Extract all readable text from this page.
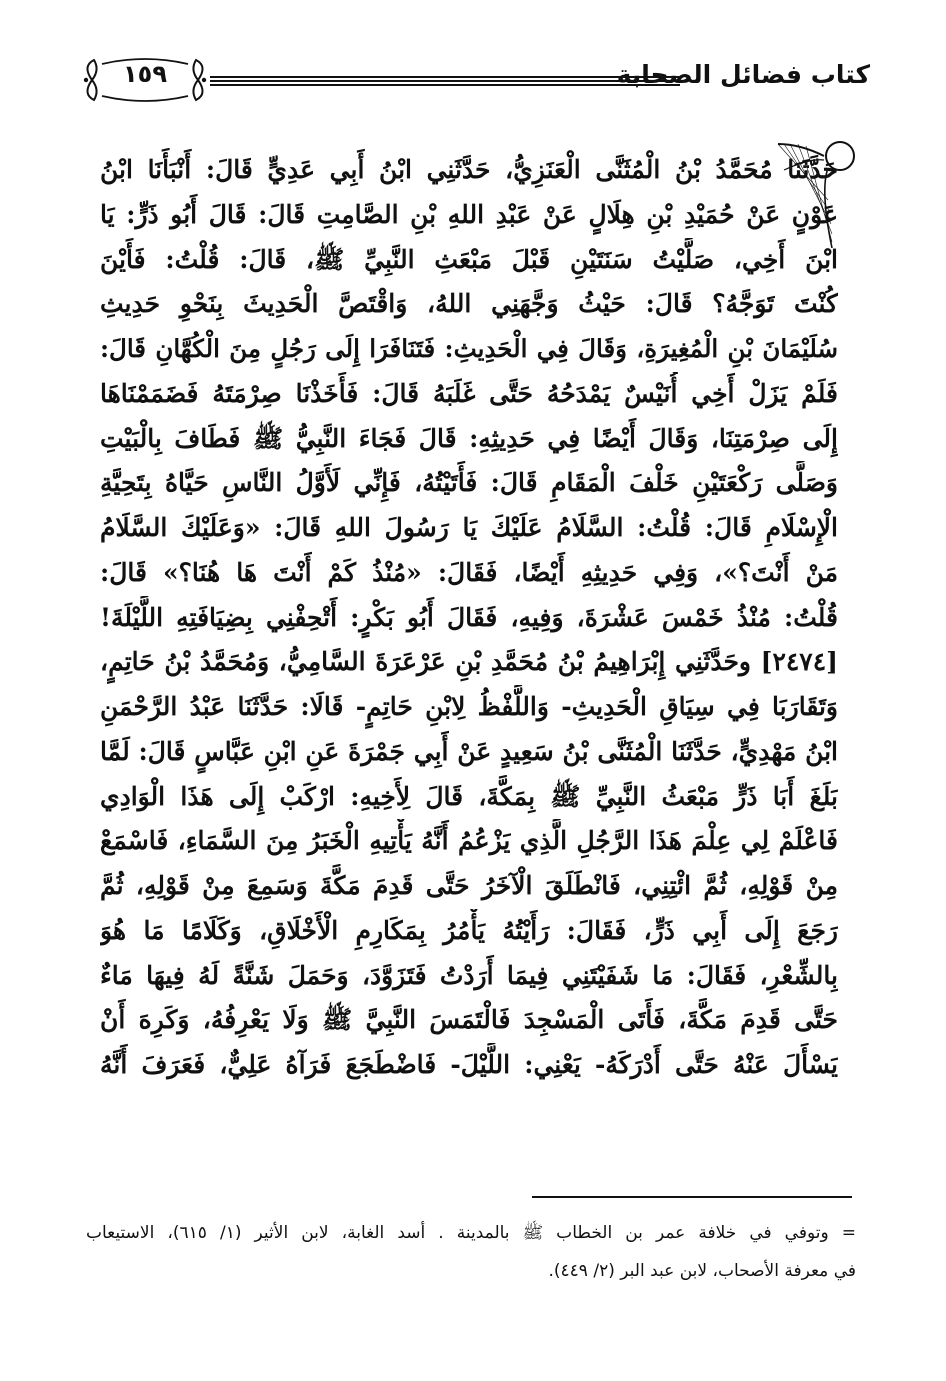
١٥٩	كتاب فضائل الصحابة
حَدَّثَنَا مُحَمَّدُ بْنُ الْمُثَنَّى الْعَنَزِيُّ، حَدَّثَنِي ابْنُ أَبِي عَدِيٍّ قَالَ: أَنْبَأَنَا ابْنُ
عَوْنٍ عَنْ حُمَيْدِ بْنِ هِلَالٍ عَنْ عَبْدِ اللهِ بْنِ الصَّامِتِ قَالَ: قَالَ أَبُو ذَرٍّ: يَا
ابْنَ أَخِي، صَلَّيْتُ سَنَتَيْنِ قَبْلَ مَبْعَثِ النَّبِيِّ ﷺ، قَالَ: قُلْتُ: فَأَيْنَ
كُنْتَ تَوَجَّهُ؟ قَالَ: حَيْثُ وَجَّهَنِي اللهُ، وَاقْتَصَّ الْحَدِيثَ بِنَحْوِ حَدِيثِ
سُلَيْمَانَ بْنِ الْمُغِيرَةِ، وَقَالَ فِي الْحَدِيثِ: فَتَنَافَرَا إِلَى رَجُلٍ مِنَ الْكُهَّانِ قَالَ:
فَلَمْ يَزَلْ أَخِي أُنَيْسٌ يَمْدَحُهُ حَتَّى غَلَبَهُ قَالَ: فَأَخَذْنَا صِرْمَتَهُ فَضَمَمْنَاهَا
إِلَى صِرْمَتِنَا، وَقَالَ أَيْضًا فِي حَدِيثِهِ: قَالَ فَجَاءَ النَّبِيُّ ﷺ فَطَافَ بِالْبَيْتِ
وَصَلَّى رَكْعَتَيْنِ خَلْفَ الْمَقَامِ قَالَ: فَأَتَيْتُهُ، فَإِنِّي لَأَوَّلُ النَّاسِ حَيَّاهُ بِتَحِيَّةِ
الْإِسْلَامِ قَالَ: قُلْتُ: السَّلَامُ عَلَيْكَ يَا رَسُولَ اللهِ قَالَ: «وَعَلَيْكَ السَّلَامُ
مَنْ أَنْتَ؟»، وَفِي حَدِيثِهِ أَيْضًا، فَقَالَ: «مُنْذُ كَمْ أَنْتَ هَا هُنَا؟» قَالَ:
قُلْتُ: مُنْذُ خَمْسَ عَشْرَةَ، وَفِيهِ، فَقَالَ أَبُو بَكْرٍ: أَتْحِفْنِي بِضِيَافَتِهِ اللَّيْلَةَ!
[٢٤٧٤] وحَدَّثَنِي إِبْرَاهِيمُ بْنُ مُحَمَّدِ بْنِ عَرْعَرَةَ السَّامِيُّ، وَمُحَمَّدُ بْنُ حَاتِمٍ،
وَتَقَارَبَا فِي سِيَاقِ الْحَدِيثِ- وَاللَّفْظُ لِابْنِ حَاتِمٍ- قَالَا: حَدَّثَنَا عَبْدُ الرَّحْمَنِ
ابْنُ مَهْدِيٍّ، حَدَّثَنَا الْمُثَنَّى بْنُ سَعِيدٍ عَنْ أَبِي جَمْرَةَ عَنِ ابْنِ عَبَّاسٍ قَالَ: لَمَّا
بَلَغَ أَبَا ذَرٍّ مَبْعَثُ النَّبِيِّ ﷺ بِمَكَّةَ، قَالَ لِأَخِيهِ: ارْكَبْ إِلَى هَذَا الْوَادِي
فَاعْلَمْ لِي عِلْمَ هَذَا الرَّجُلِ الَّذِي يَزْعُمُ أَنَّهُ يَأْتِيهِ الْخَبَرُ مِنَ السَّمَاءِ، فَاسْمَعْ
مِنْ قَوْلِهِ، ثُمَّ ائْتِنِي، فَانْطَلَقَ الْآخَرُ حَتَّى قَدِمَ مَكَّةَ وَسَمِعَ مِنْ قَوْلِهِ، ثُمَّ
رَجَعَ إِلَى أَبِي ذَرٍّ، فَقَالَ: رَأَيْتُهُ يَأْمُرُ بِمَكَارِمِ الْأَخْلَاقِ، وَكَلَامًا مَا هُوَ
بِالشِّعْرِ، فَقَالَ: مَا شَفَيْتَنِي فِيمَا أَرَدْتُ فَتَزَوَّدَ، وَحَمَلَ شَنَّةً لَهُ فِيهَا مَاءٌ
حَتَّى قَدِمَ مَكَّةَ، فَأَتَى الْمَسْجِدَ فَالْتَمَسَ النَّبِيَّ ﷺ وَلَا يَعْرِفُهُ، وَكَرِهَ أَنْ
يَسْأَلَ عَنْهُ حَتَّى أَدْرَكَهُ- يَعْنِي: اللَّيْلَ- فَاضْطَجَعَ فَرَآهُ عَلِيٌّ، فَعَرَفَ أَنَّهُ
= وتوفي في خلافة عمر بن الخطاب ﷺ بالمدينة . أسد الغابة، لابن الأثير (١/ ٦١٥)، الاستيعاب
في معرفة الأصحاب، لابن عبد البر (٢/ ٤٤٩).
